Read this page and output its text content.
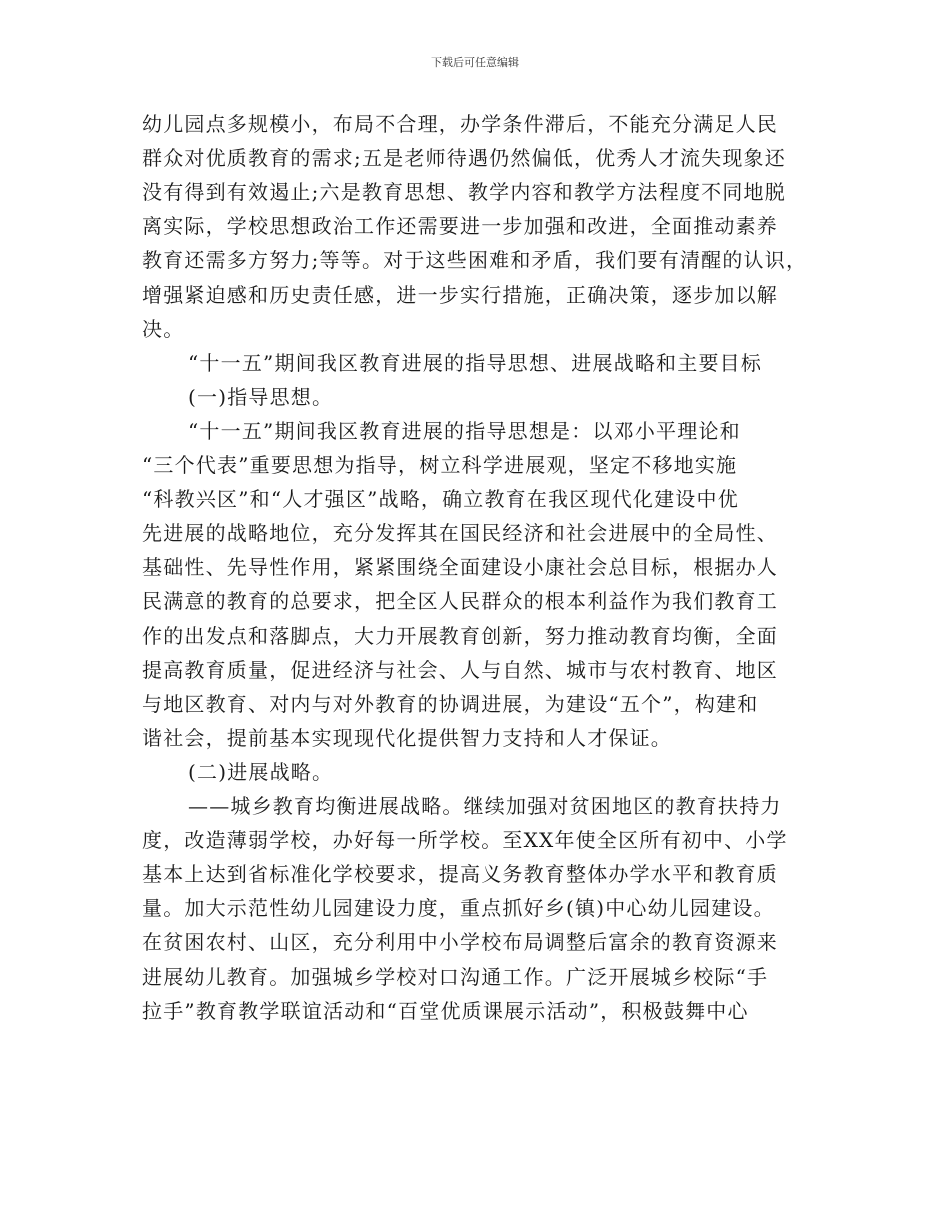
下载后可任意编辑
幼儿园点多规模小，布局不合理，办学条件滞后，不能充分满足人民
群众对优质教育的需求;五是老师待遇仍然偏低，优秀人才流失现象还
没有得到有效遏止;六是教育思想、教学内容和教学方法程度不同地脱
离实际，学校思想政治工作还需要进一步加强和改进，全面推动素养
教育还需多方努力;等等。对于这些困难和矛盾，我们要有清醒的认识，
增强紧迫感和历史责任感，进一步实行措施，正确决策，逐步加以解
决。
“十一五”期间我区教育进展的指导思想、进展战略和主要目标
(一)指导思想。
“十一五”期间我区教育进展的指导思想是：以邓小平理论和
“三个代表”重要思想为指导，树立科学进展观，坚定不移地实施
“科教兴区”和“人才强区”战略，确立教育在我区现代化建设中优
先进展的战略地位，充分发挥其在国民经济和社会进展中的全局性、
基础性、先导性作用，紧紧围绕全面建设小康社会总目标，根据办人
民满意的教育的总要求，把全区人民群众的根本利益作为我们教育工
作的出发点和落脚点，大力开展教育创新，努力推动教育均衡，全面
提高教育质量，促进经济与社会、人与自然、城市与农村教育、地区
与地区教育、对内与对外教育的协调进展，为建设“五个”，构建和
谐社会，提前基本实现现代化提供智力支持和人才保证。
(二)进展战略。
——城乡教育均衡进展战略。继续加强对贫困地区的教育扶持力
度，改造薄弱学校，办好每一所学校。至XX年使全区所有初中、小学
基本上达到省标准化学校要求，提高义务教育整体办学水平和教育质
量。加大示范性幼儿园建设力度，重点抓好乡(镇)中心幼儿园建设。
在贫困农村、山区，充分利用中小学校布局调整后富余的教育资源来
进展幼儿教育。加强城乡学校对口沟通工作。广泛开展城乡校际“手
拉手”教育教学联谊活动和“百堂优质课展示活动”，积极鼓舞中心
